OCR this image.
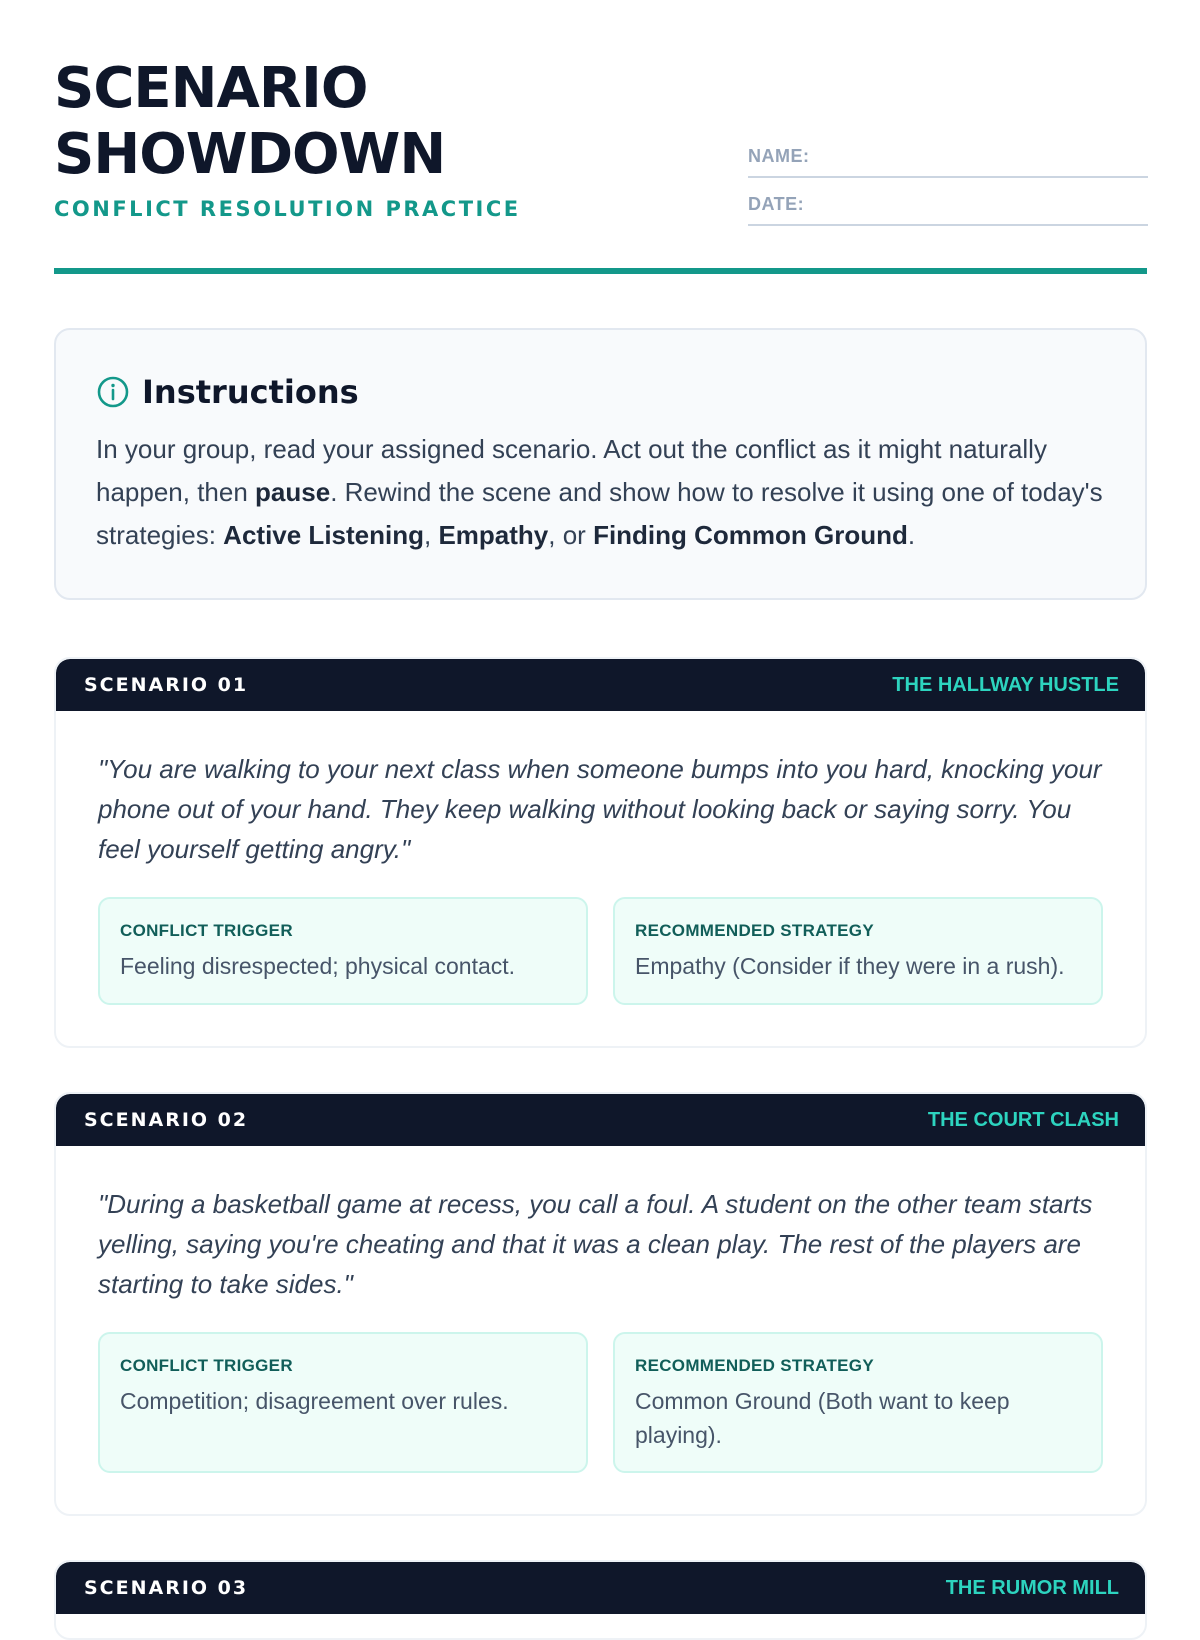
SCENARIO
SHOWDOWN
CONFLICT RESOLUTION PRACTICE
NAME:
DATE:
Instructions
In your group, read your assigned scenario. Act out the conflict as it might naturally happen, then pause. Rewind the scene and show how to resolve it using one of today's strategies: Active Listening, Empathy, or Finding Common Ground.
SCENARIO 01	THE HALLWAY HUSTLE

"You are walking to your next class when someone bumps into you hard, knocking your phone out of your hand. They keep walking without looking back or saying sorry. You feel yourself getting angry."

CONFLICT TRIGGER
Feeling disrespected; physical contact.
RECOMMENDED STRATEGY
Empathy (Consider if they were in a rush).
SCENARIO 02	THE COURT CLASH

"During a basketball game at recess, you call a foul. A student on the other team starts yelling, saying you're cheating and that it was a clean play. The rest of the players are starting to take sides."

CONFLICT TRIGGER
Competition; disagreement over rules.
RECOMMENDED STRATEGY
Common Ground (Both want to keep playing).
SCENARIO 03	THE RUMOR MILL
